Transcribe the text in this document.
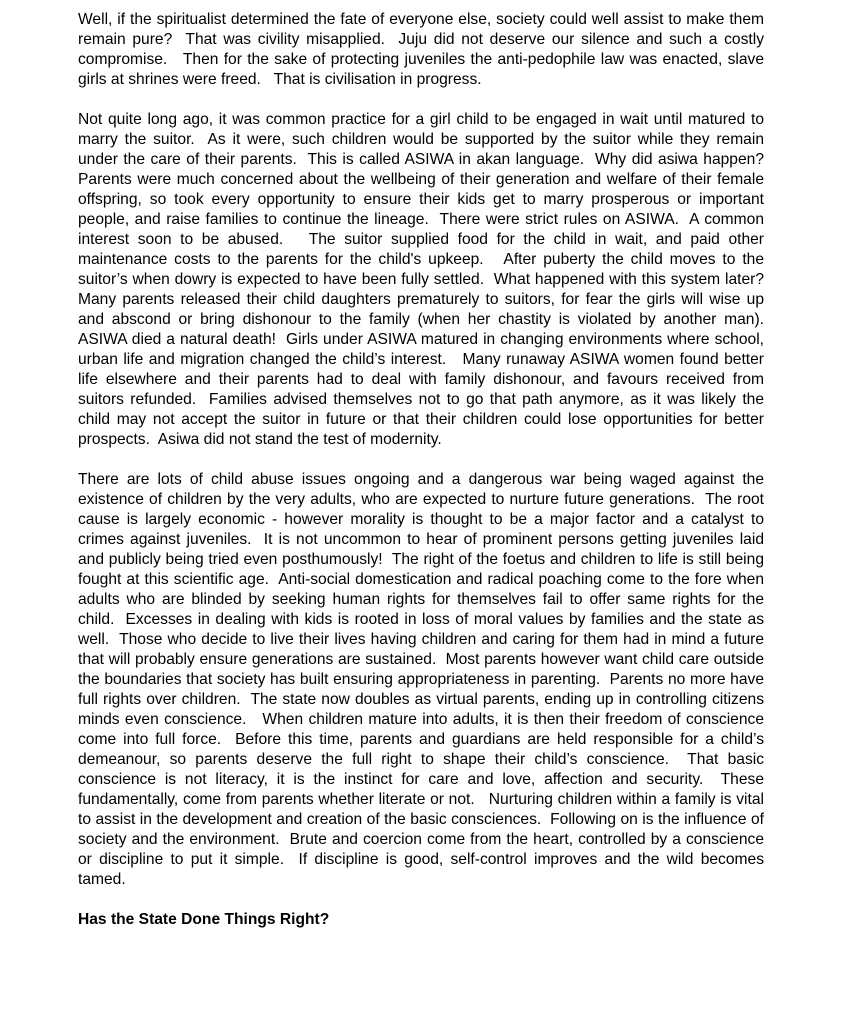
Well, if the spiritualist determined the fate of everyone else, society could well assist to make them remain pure?  That was civility misapplied.  Juju did not deserve our silence and such a costly compromise.   Then for the sake of protecting juveniles the anti-pedophile law was enacted, slave girls at shrines were freed.   That is civilisation in progress.

Not quite long ago, it was common practice for a girl child to be engaged in wait until matured to marry the suitor.  As it were, such children would be supported by the suitor while they remain under the care of their parents.  This is called ASIWA in akan language.  Why did asiwa happen?  Parents were much concerned about the wellbeing of their generation and welfare of their female offspring, so took every opportunity to ensure their kids get to marry prosperous or important people, and raise families to continue the lineage.  There were strict rules on ASIWA.  A common interest soon to be abused.   The suitor supplied food for the child in wait, and paid other maintenance costs to the parents for the child's upkeep.   After puberty the child moves to the suitor’s when dowry is expected to have been fully settled.  What happened with this system later?  Many parents released their child daughters prematurely to suitors, for fear the girls will wise up and abscond or bring dishonour to the family (when her chastity is violated by another man).  ASIWA died a natural death!  Girls under ASIWA matured in changing environments where school, urban life and migration changed the child’s interest.   Many runaway ASIWA women found better life elsewhere and their parents had to deal with family dishonour, and favours received from suitors refunded.  Families advised themselves not to go that path anymore, as it was likely the child may not accept the suitor in future or that their children could lose opportunities for better prospects.  Asiwa did not stand the test of modernity.

There are lots of child abuse issues ongoing and a dangerous war being waged against the existence of children by the very adults, who are expected to nurture future generations.  The root cause is largely economic - however morality is thought to be a major factor and a catalyst to crimes against juveniles.  It is not uncommon to hear of prominent persons getting juveniles laid and publicly being tried even posthumously!  The right of the foetus and children to life is still being fought at this scientific age.  Anti-social domestication and radical poaching come to the fore when adults who are blinded by seeking human rights for themselves fail to offer same rights for the child.  Excesses in dealing with kids is rooted in loss of moral values by families and the state as well.  Those who decide to live their lives having children and caring for them had in mind a future that will probably ensure generations are sustained.  Most parents however want child care outside the boundaries that society has built ensuring appropriateness in parenting.  Parents no more have full rights over children.  The state now doubles as virtual parents, ending up in controlling citizens minds even conscience.   When children mature into adults, it is then their freedom of conscience come into full force.  Before this time, parents and guardians are held responsible for a child’s demeanour, so parents deserve the full right to shape their child’s conscience.  That basic conscience is not literacy, it is the instinct for care and love, affection and security.  These fundamentally, come from parents whether literate or not.   Nurturing children within a family is vital to assist in the development and creation of the basic consciences.  Following on is the influence of society and the environment.  Brute and coercion come from the heart, controlled by a conscience or discipline to put it simple.  If discipline is good, self-control improves and the wild becomes tamed.

Has the State Done Things Right?
